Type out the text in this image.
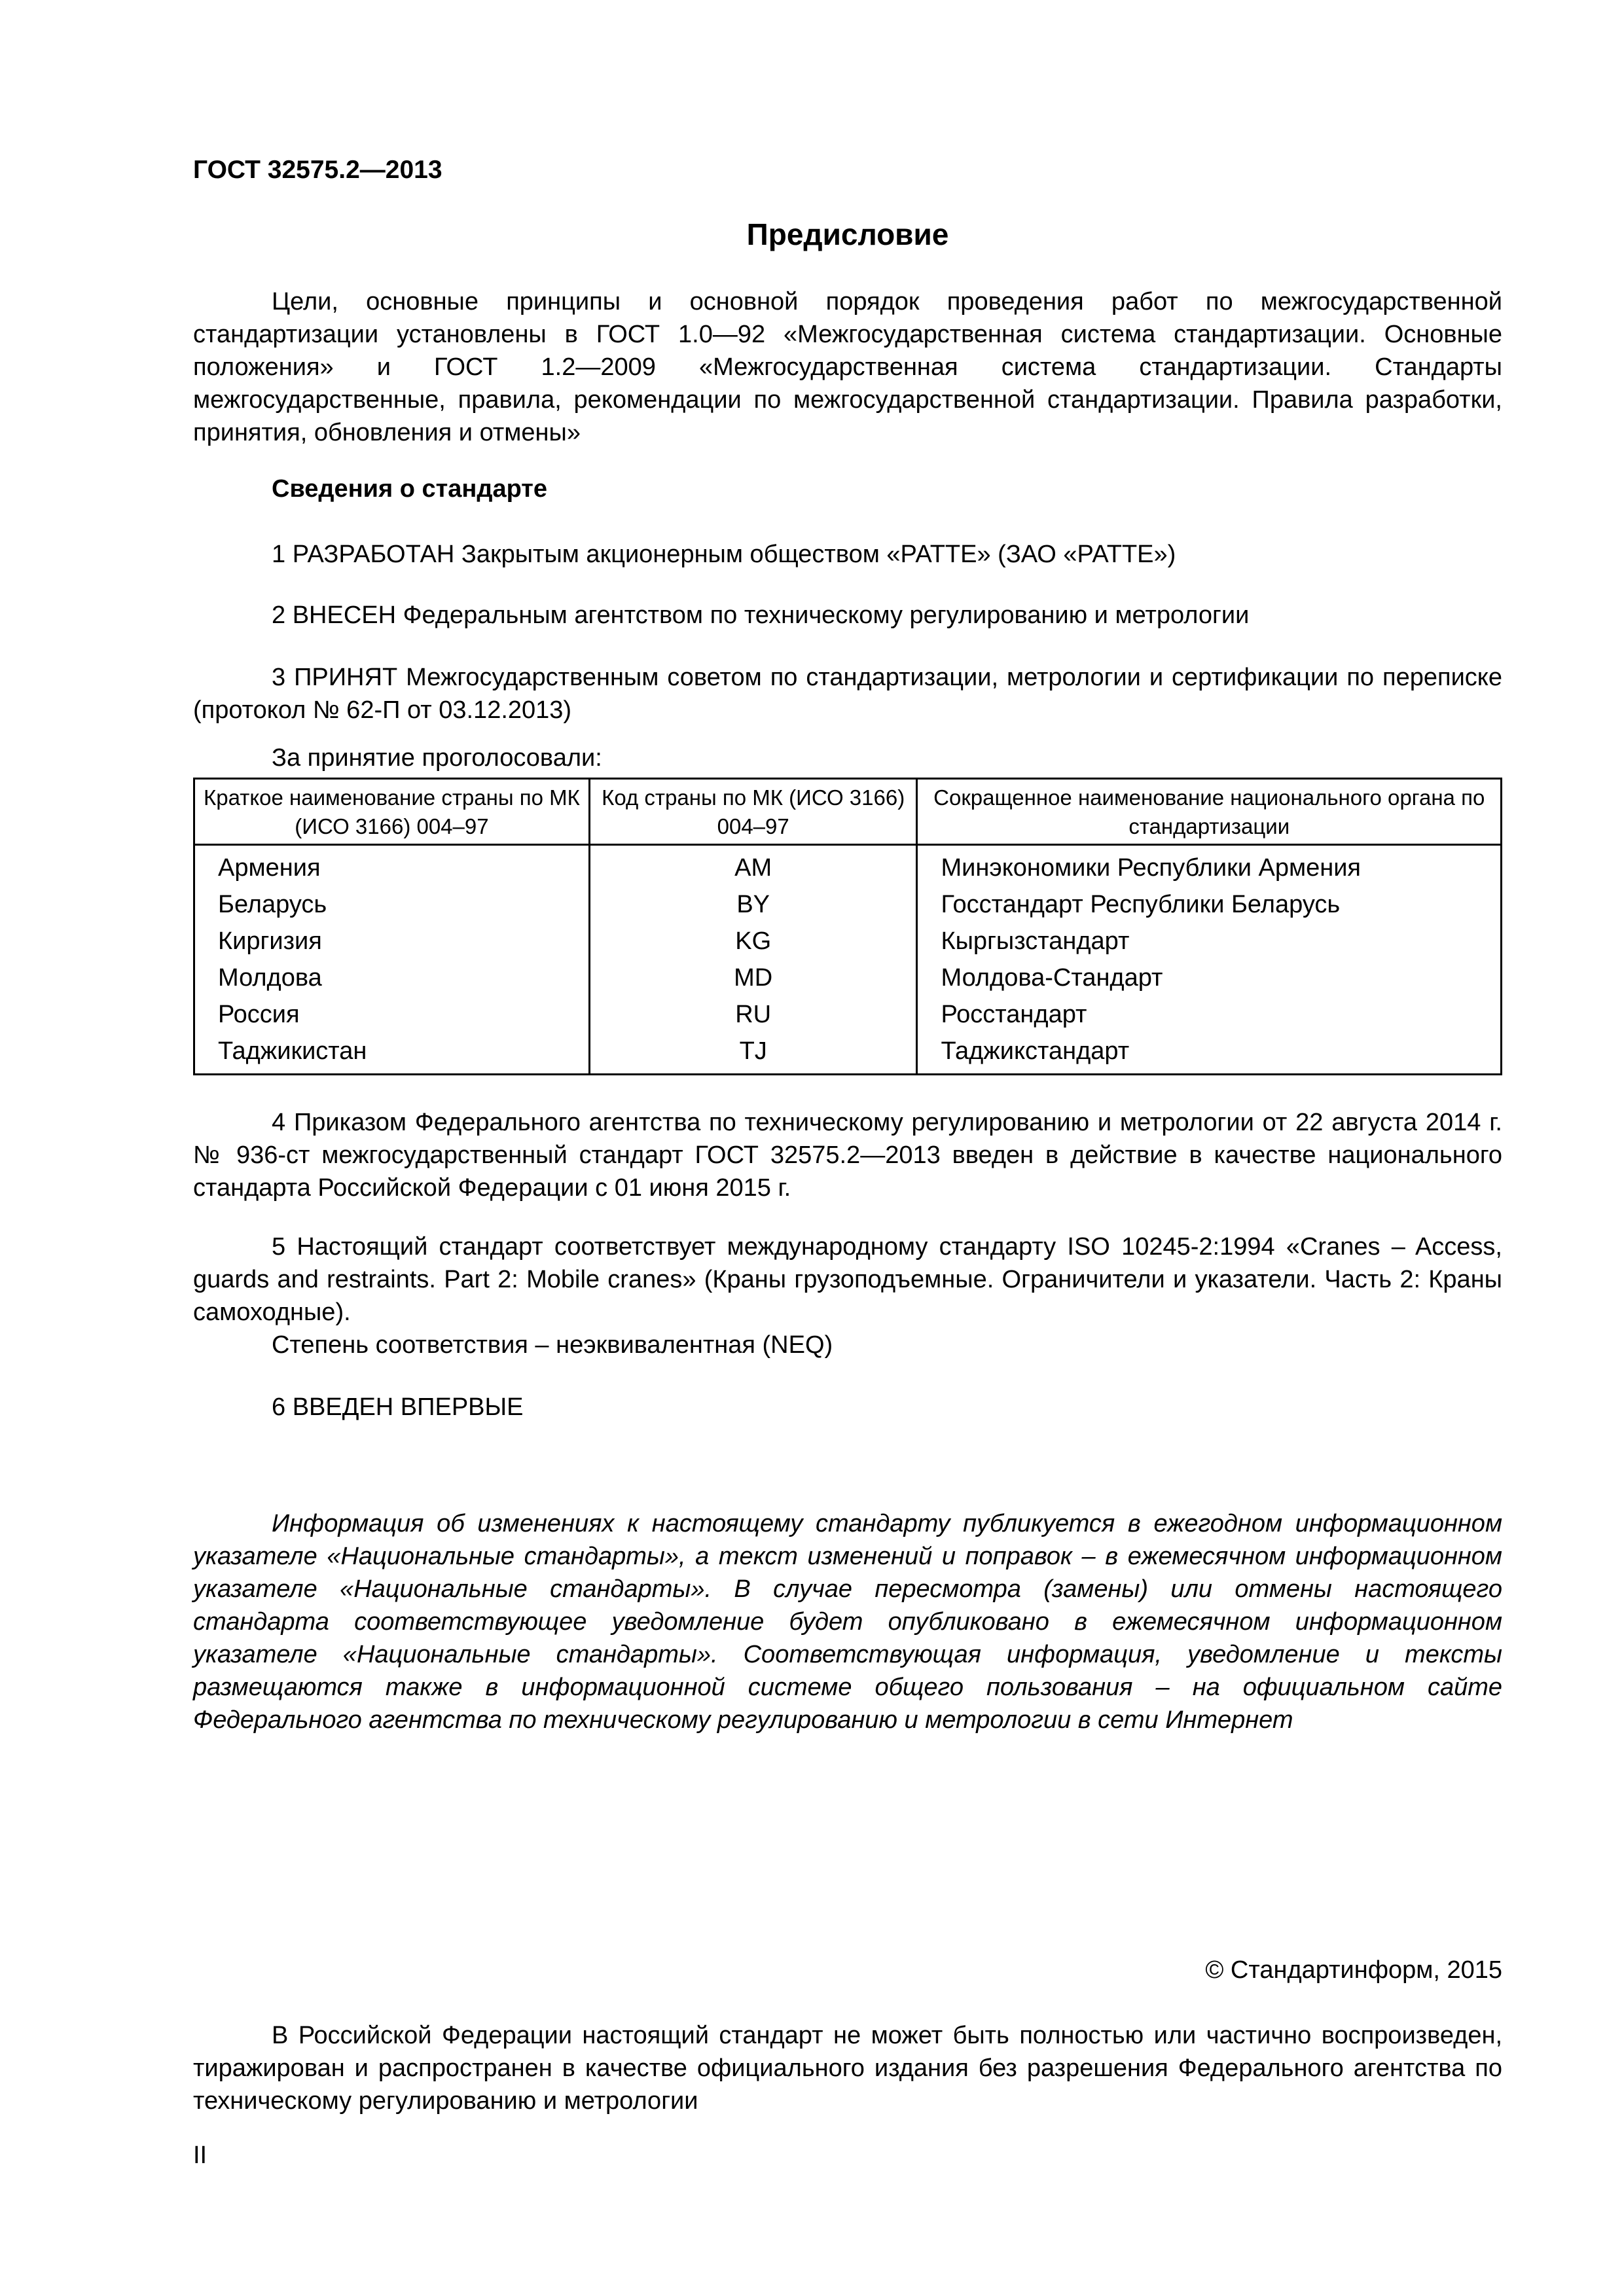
ГОСТ 32575.2—2013
Предисловие

Цели, основные принципы и основной порядок проведения работ по межгосударственной стандартизации установлены в ГОСТ 1.0—92 «Межгосударственная система стандартизации. Основные положения» и ГОСТ 1.2—2009 «Межгосударственная система стандартизации. Стандарты межгосударственные, правила, рекомендации по межгосударственной стандартизации. Правила разработки, принятия, обновления и отмены»

Сведения о стандарте

1 РАЗРАБОТАН Закрытым акционерным обществом «РАТТЕ» (ЗАО «РАТТЕ»)

2 ВНЕСЕН Федеральным агентством по техническому регулированию и метрологии

3 ПРИНЯТ Межгосударственным советом по стандартизации, метрологии и сертификации по переписке (протокол № 62-П от 03.12.2013)

За принятие проголосовали:
Краткое наименование страны по МК (ИСО 3166) 004–97	Код страны по МК (ИСО 3166) 004–97	Сокращенное наименование национального органа по стандартизации
Армения	AM	Минэкономики Республики Армения
Беларусь	BY	Госстандарт Республики Беларусь
Киргизия	KG	Кыргызстандарт
Молдова	MD	Молдова-Стандарт
Россия	RU	Росстандарт
Таджикистан	TJ	Таджикстандарт

4 Приказом Федерального агентства по техническому регулированию и метрологии от 22 августа 2014 г. № 936-ст межгосударственный стандарт ГОСТ 32575.2—2013 введен в действие в качестве национального стандарта Российской Федерации с 01 июня 2015 г.

5 Настоящий стандарт соответствует международному стандарту ISO 10245-2:1994 «Cranes – Access, guards and restraints. Part 2: Mobile cranes» (Краны грузоподъемные. Ограничители и указатели. Часть 2: Краны самоходные).

Степень соответствия – неэквивалентная (NEQ)
6 ВВЕДЕН ВПЕРВЫЕ

Информация об изменениях к настоящему стандарту публикуется в ежегодном информационном указателе «Национальные стандарты», а текст изменений и поправок – в ежемесячном информационном указателе «Национальные стандарты». В случае пересмотра (замены) или отмены настоящего стандарта соответствующее уведомление будет опубликовано в ежемесячном информационном указателе «Национальные стандарты». Соответствующая информация, уведомление и тексты размещаются также в информационной системе общего пользования – на официальном сайте Федерального агентства по техническому регулированию и метрологии в сети Интернет

© Стандартинформ, 2015

В Российской Федерации настоящий стандарт не может быть полностью или частично воспроизведен, тиражирован и распространен в качестве официального издания без разрешения Федерального агентства по техническому регулированию и метрологии

II
